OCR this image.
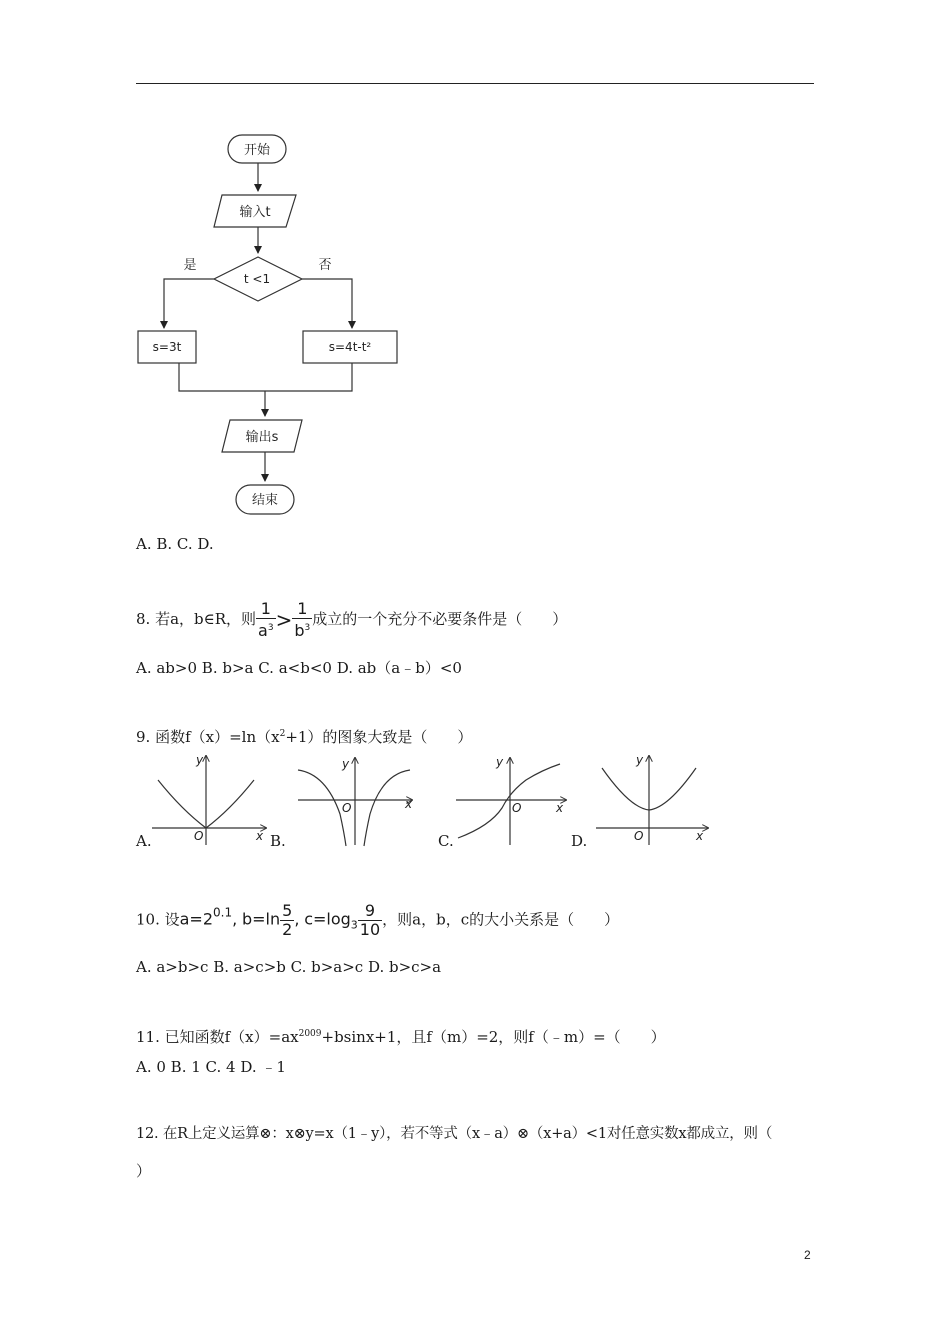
开始
输入t
t <1
是	否
s=3t	s=4t-t²
输出s
结束
A. B. C. D.
8. 若a，b∈R，则 $\frac{1}{a^3} > \frac{1}{b^3}$ 成立的一个充分不必要条件是（　　）
A. ab>0 B. b>a C. a<b<0 D. ab（a﹣b）<0
9. 函数$f(x)=\ln(x^2+1)$的图象大致是（　　）
x
y
O
x
y
O	x
y
O
x
y
O
A.	B.	C.	D.
10. 设$a=2^{0.1}$, $b=\ln \frac{5}{2}$ , $c=\log_3 \frac{9}{10}$ ，则a，b，c的大小关系是（　　）
A. a>b>c B. a>c>b C. b>a>c D. b>c>a
11. 已知函数$f(x)=ax^{2009}+bsinx+1$，且f（m）=2，则f（﹣m）=（　　）
A. 0 B. 1 C. 4 D. ﹣1
12. 在R上定义运算⊗：x⊗y=x（1﹣y），若不等式（x﹣a）⊗（x+a）<1对任意实数x都成立，则（
）
2
